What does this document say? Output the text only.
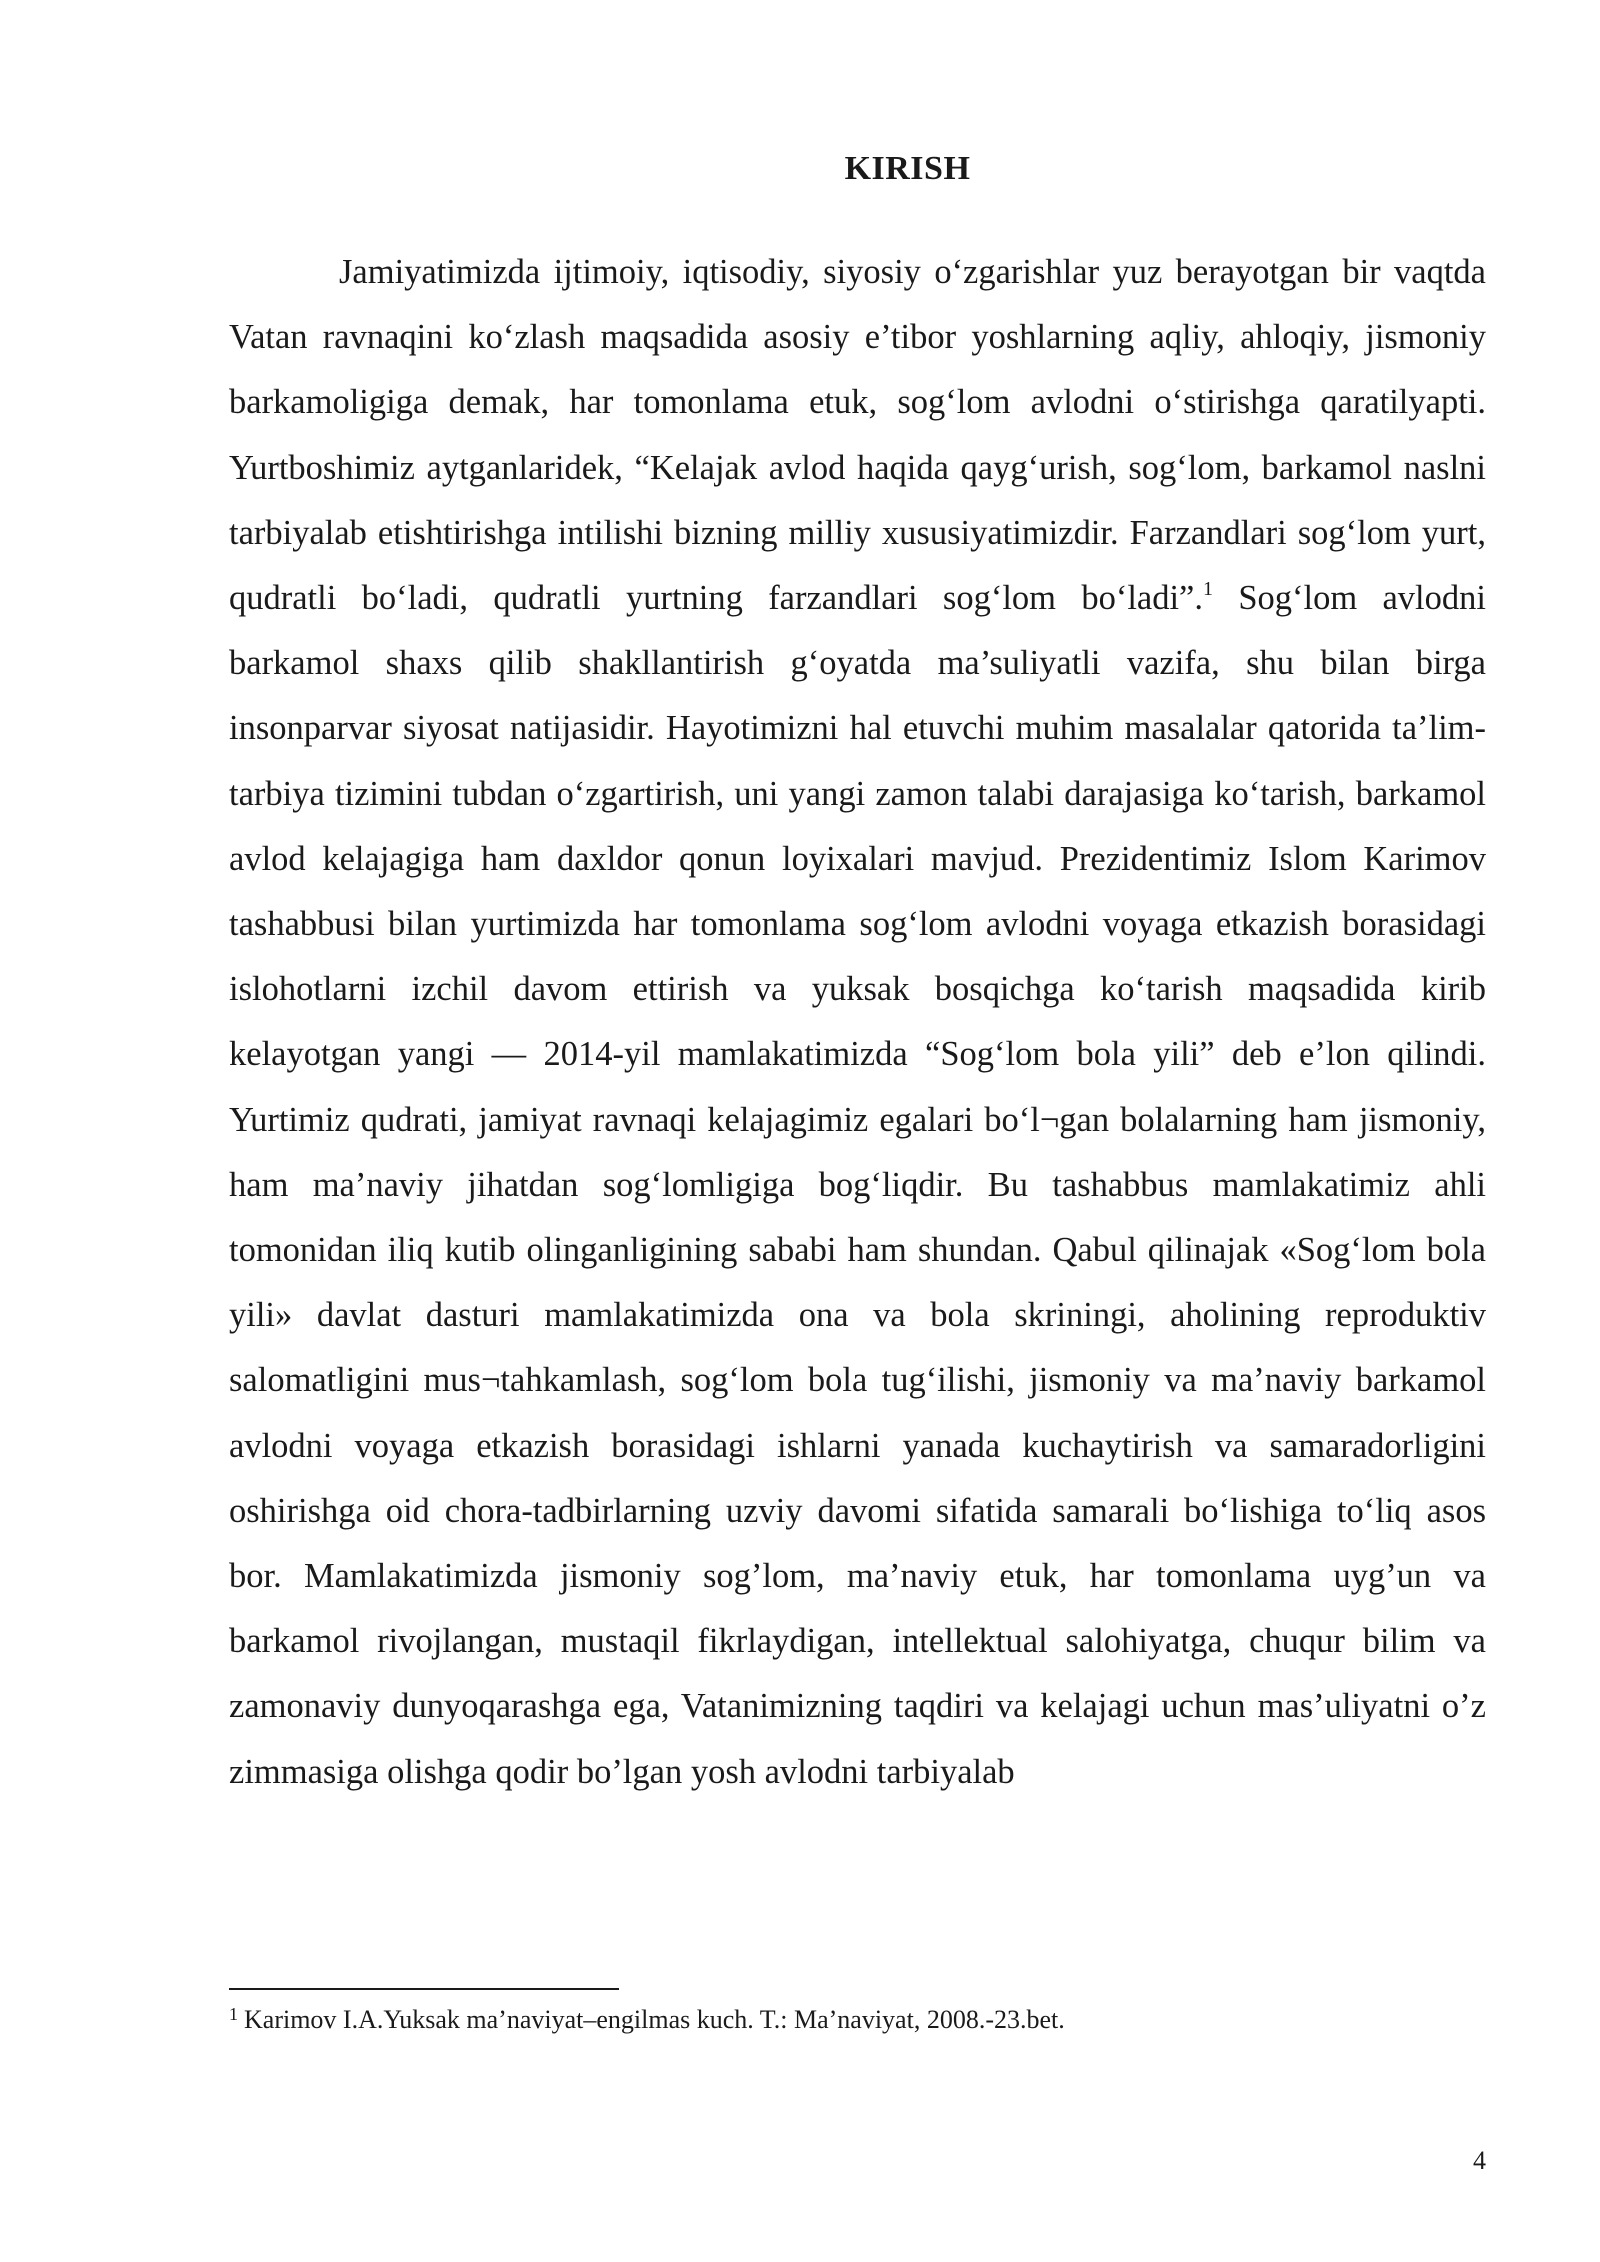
KIRISH

Jamiyatimizda ijtimoiy, iqtisodiy, siyosiy o‘zgarishlar yuz berayotgan bir vaqtda Vatan ravnaqini ko‘zlash maqsadida asosiy e’tibor yoshlarning aqliy, ahloqiy, jismoniy barkamoligiga demak, har tomonlama etuk, sog‘lom avlodni o‘stirishga qaratilyapti. Yurtboshimiz aytganlaridek, “Kelajak avlod haqida qayg‘urish, sog‘lom, barkamol naslni tarbiyalab etishtirishga intilishi bizning milliy xususiyatimizdir. Farzandlari sog‘lom yurt, qudratli bo‘ladi, qudratli yurtning farzandlari sog‘lom bo‘ladi”.$^1$ Sog‘lom avlodni barkamol shaxs qilib shakllantirish g‘oyatda ma’suliyatli vazifa, shu bilan birga insonparvar siyosat natijasidir. Hayotimizni hal etuvchi muhim masalalar qatorida ta’lim-tarbiya tizimini tubdan o‘zgartirish, uni yangi zamon talabi darajasiga ko‘tarish, barkamol avlod kelajagiga ham daxldor qonun loyixalari mavjud. Prezidentimiz Islom Karimov tashabbusi bilan yurtimizda har tomonlama sog‘lom avlodni voyaga etkazish borasidagi islohotlarni izchil davom ettirish va yuksak bosqichga ko‘tarish maqsadida kirib kelayotgan yangi — 2014-yil mamlakatimizda “Sog‘lom bola yili” deb e’lon qilindi. Yurtimiz qudrati, jamiyat ravnaqi kelajagimiz egalari bo‘l¬gan bolalarning ham jismoniy, ham ma’naviy jihatdan sog‘lomligiga bog‘liqdir. Bu tashabbus mamlakatimiz ahli tomonidan iliq kutib olinganligining sababi ham shundan. Qabul qilinajak «Sog‘lom bola yili» davlat dasturi mamlakatimizda ona va bola skriningi, aholining reproduktiv salomatligini mus¬tahkamlash, sog‘lom bola tug‘ilishi, jismoniy va ma’naviy barkamol avlodni voyaga etkazish borasidagi ishlarni yanada kuchaytirish va samaradorligini oshirishga oid chora-tadbirlarning uzviy davomi sifatida samarali bo‘lishiga to‘liq asos bor. Mamlakatimizda jismoniy sog’lom, ma’naviy etuk, har tomonlama uyg’un va barkamol rivojlangan, mustaqil fikrlaydigan, intellektual salohiyatga, chuqur bilim va zamonaviy dunyoqarashga ega, Vatanimizning taqdiri va kelajagi uchun mas’uliyatni o’z zimmasiga olishga qodir bo’lgan yosh avlodni tarbiyalab

$^1$ Karimov I.A.Yuksak ma’naviyat–engilmas kuch. T.: Ma’naviyat, 2008.-23.bet.

4
